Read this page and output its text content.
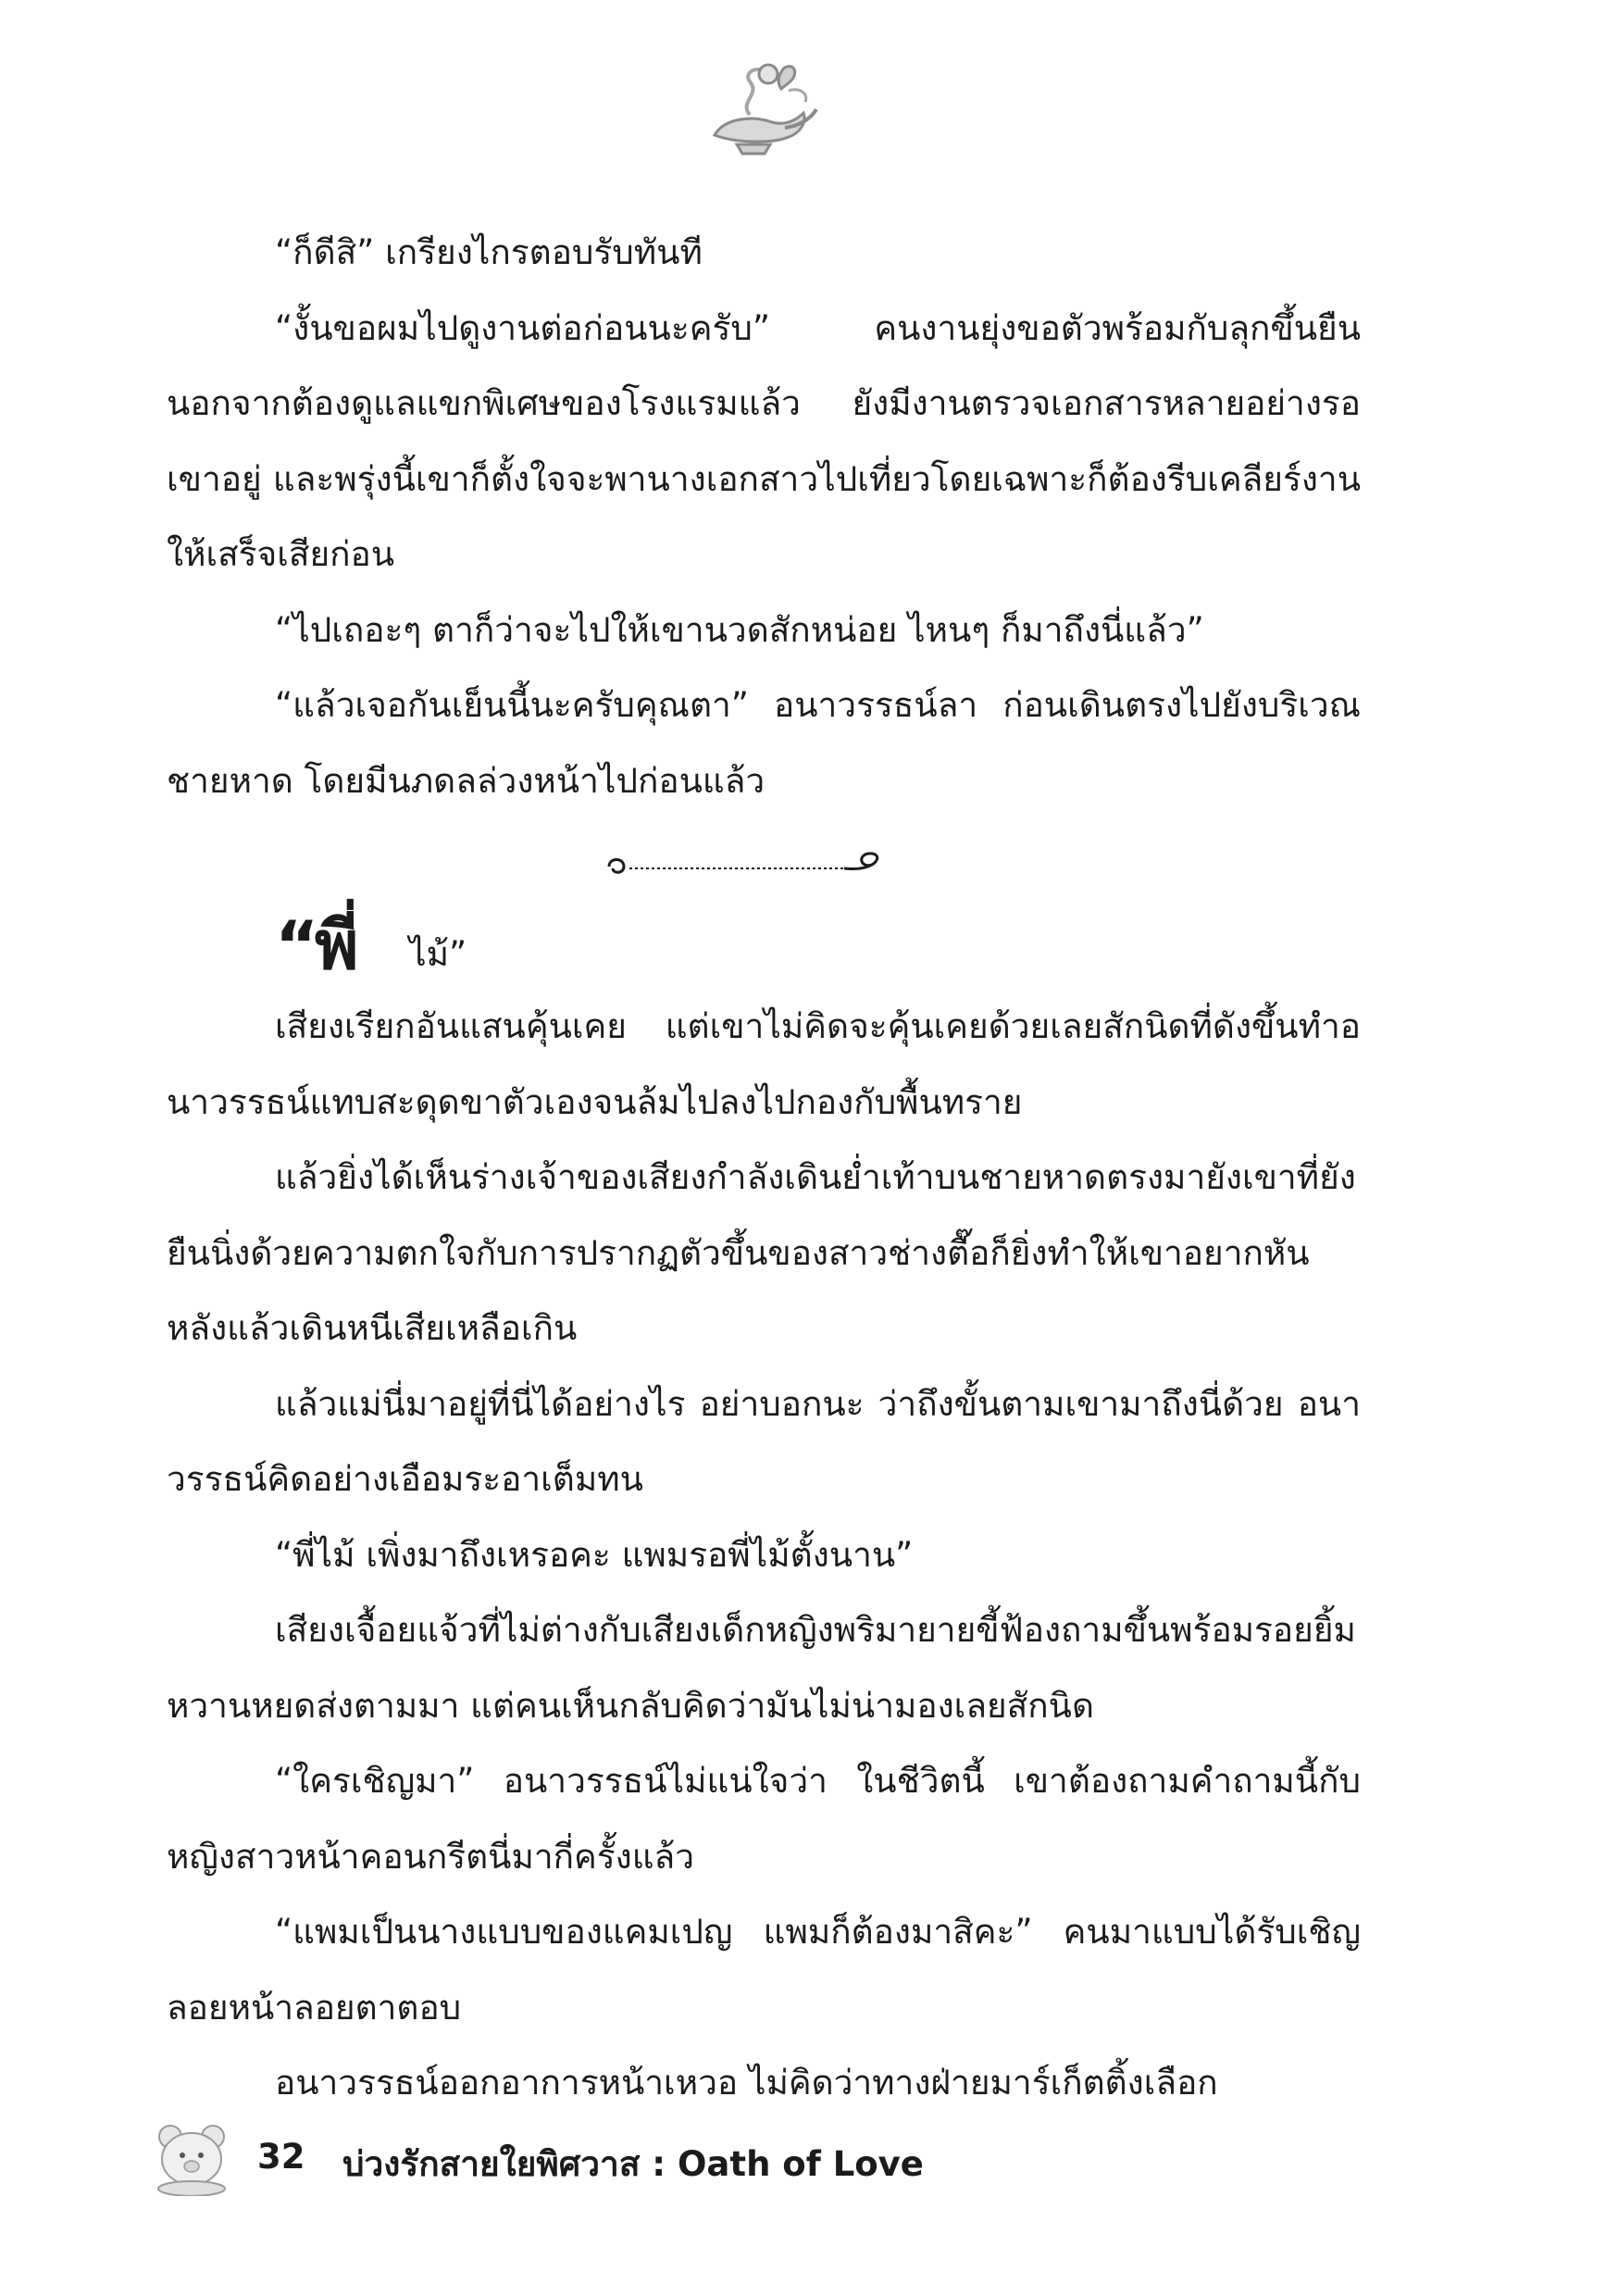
“ก็ดีสิ” เกรียงไกรตอบรับทันที

“งั้นขอผมไปดูงานต่อก่อนนะครับ” คนงานยุ่งขอตัวพร้อมกับลุกขึ้นยืน นอกจากต้องดูแลแขกพิเศษของโรงแรมแล้ว ยังมีงานตรวจเอกสารหลายอย่างรอเขาอยู่ และพรุ่งนี้เขาก็ตั้งใจจะพานางเอกสาวไปเที่ยวโดยเฉพาะก็ต้องรีบเคลียร์งานให้เสร็จเสียก่อน

“ไปเถอะๆ ตาก็ว่าจะไปให้เขานวดสักหน่อย ไหนๆ ก็มาถึงนี่แล้ว”

“แล้วเจอกันเย็นนี้นะครับคุณตา” อนาวรรธน์ลา ก่อนเดินตรงไปยังบริเวณชายหาด โดยมีนภดลล่วงหน้าไปก่อนแล้ว

“
พี่ ไม้”

เสียงเรียกอันแสนคุ้นเคย แต่เขาไม่คิดจะคุ้นเคยด้วยเลยสักนิดที่ดังขึ้นทำอนาวรรธน์แทบสะดุดขาตัวเองจนล้มไปลงไปกองกับพื้นทราย

แล้วยิ่งได้เห็นร่างเจ้าของเสียงกำลังเดินย่ำเท้าบนชายหาดตรงมายังเขาที่ยังยืนนิ่งด้วยความตกใจกับการปรากฏตัวขึ้นของสาวช่างตื๊อก็ยิ่งทำให้เขาอยากหันหลังแล้วเดินหนีเสียเหลือเกิน

แล้วแม่นี่มาอยู่ที่นี่ได้อย่างไร อย่าบอกนะ ว่าถึงขั้นตามเขามาถึงนี่ด้วย อนาวรรธน์คิดอย่างเอือมระอาเต็มทน

“พี่ไม้ เพิ่งมาถึงเหรอคะ แพมรอพี่ไม้ตั้งนาน”

เสียงเจื้อยแจ้วที่ไม่ต่างกับเสียงเด็กหญิงพริมายายขี้ฟ้องถามขึ้นพร้อมรอยยิ้มหวานหยดส่งตามมา แต่คนเห็นกลับคิดว่ามันไม่น่ามองเลยสักนิด

“ใครเชิญมา” อนาวรรธน์ไม่แน่ใจว่า ในชีวิตนี้ เขาต้องถามคำถามนี้กับหญิงสาวหน้าคอนกรีตนี่มากี่ครั้งแล้ว

“แพมเป็นนางแบบของแคมเปญ แพมก็ต้องมาสิคะ” คนมาแบบได้รับเชิญลอยหน้าลอยตาตอบ

อนาวรรธน์ออกอาการหน้าเหวอ ไม่คิดว่าทางฝ่ายมาร์เก็ตติ้งเลือก

32 บ่วงรักสายใยพิศวาส : Oath of Love
